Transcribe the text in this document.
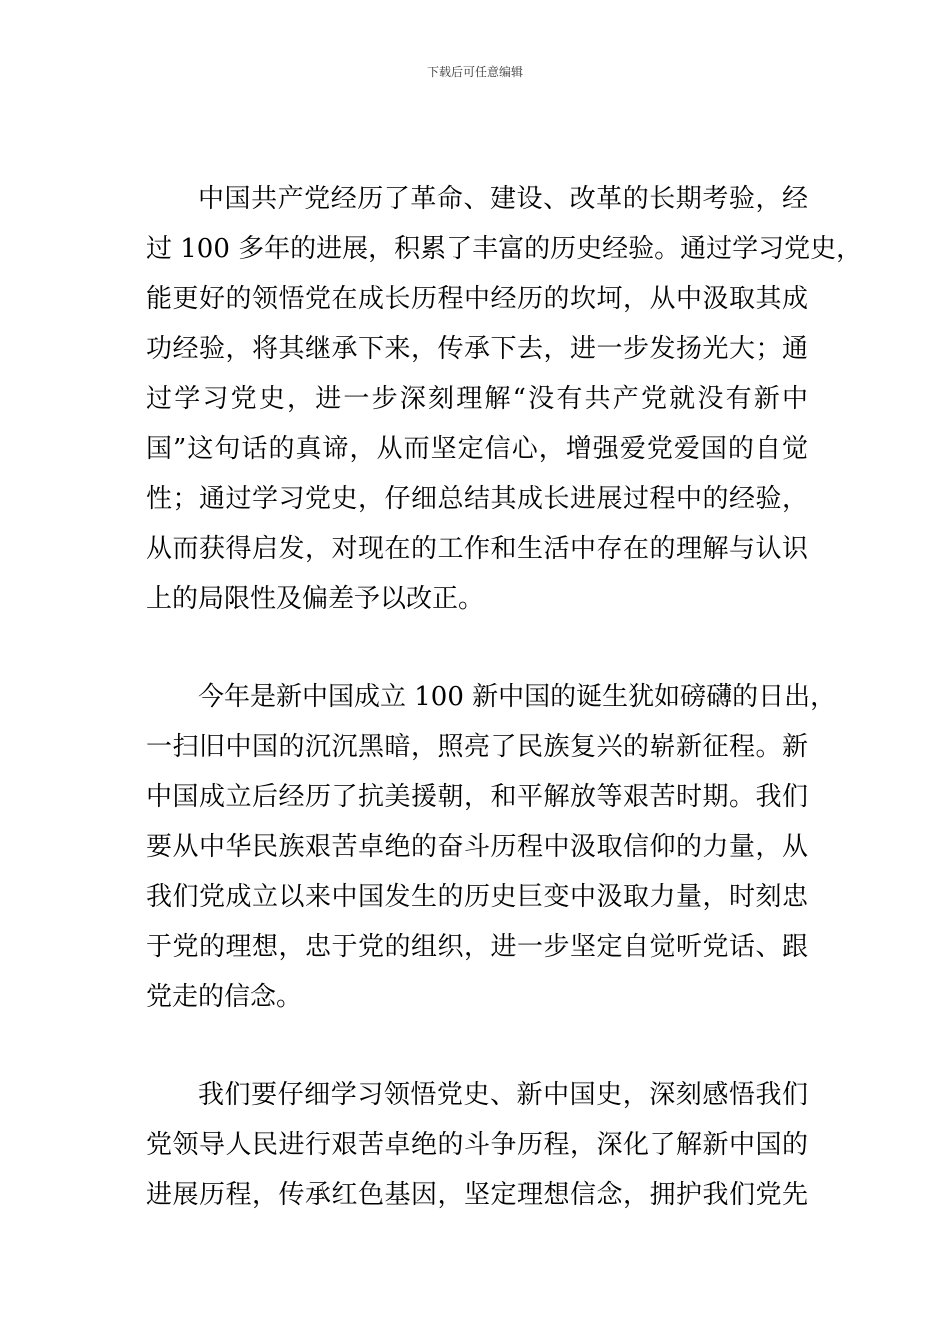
下载后可任意编辑
中国共产党经历了革命、建设、改革的长期考验，经
过 100 多年的进展，积累了丰富的历史经验。通过学习党史，
能更好的领悟党在成长历程中经历的坎坷，从中汲取其成
功经验，将其继承下来，传承下去，进一步发扬光大；通
过学习党史，进一步深刻理解“没有共产党就没有新中
国”这句话的真谛，从而坚定信心，增强爱党爱国的自觉
性；通过学习党史，仔细总结其成长进展过程中的经验，
从而获得启发，对现在的工作和生活中存在的理解与认识
上的局限性及偏差予以改正。
今年是新中国成立 100 新中国的诞生犹如磅礴的日出，
一扫旧中国的沉沉黑暗，照亮了民族复兴的崭新征程。新
中国成立后经历了抗美援朝，和平解放等艰苦时期。我们
要从中华民族艰苦卓绝的奋斗历程中汲取信仰的力量，从
我们党成立以来中国发生的历史巨变中汲取力量，时刻忠
于党的理想，忠于党的组织，进一步坚定自觉听党话、跟
党走的信念。
我们要仔细学习领悟党史、新中国史，深刻感悟我们
党领导人民进行艰苦卓绝的斗争历程，深化了解新中国的
进展历程，传承红色基因，坚定理想信念，拥护我们党先
